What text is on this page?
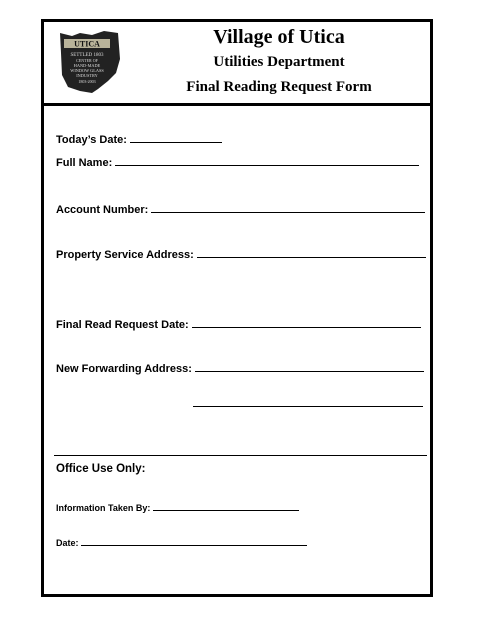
UTICA
SETTLED 1803
CENTER OF
HAND-MADE
WINDOW GLASS
INDUSTRY
1803-2003
Village of Utica
Utilities Department
Final Reading Request Form
Today’s Date:
Full Name:
Account Number:
Property Service Address:
Final Read Request Date:
New Forwarding Address:
Office Use Only:
Information Taken By:
Date:
